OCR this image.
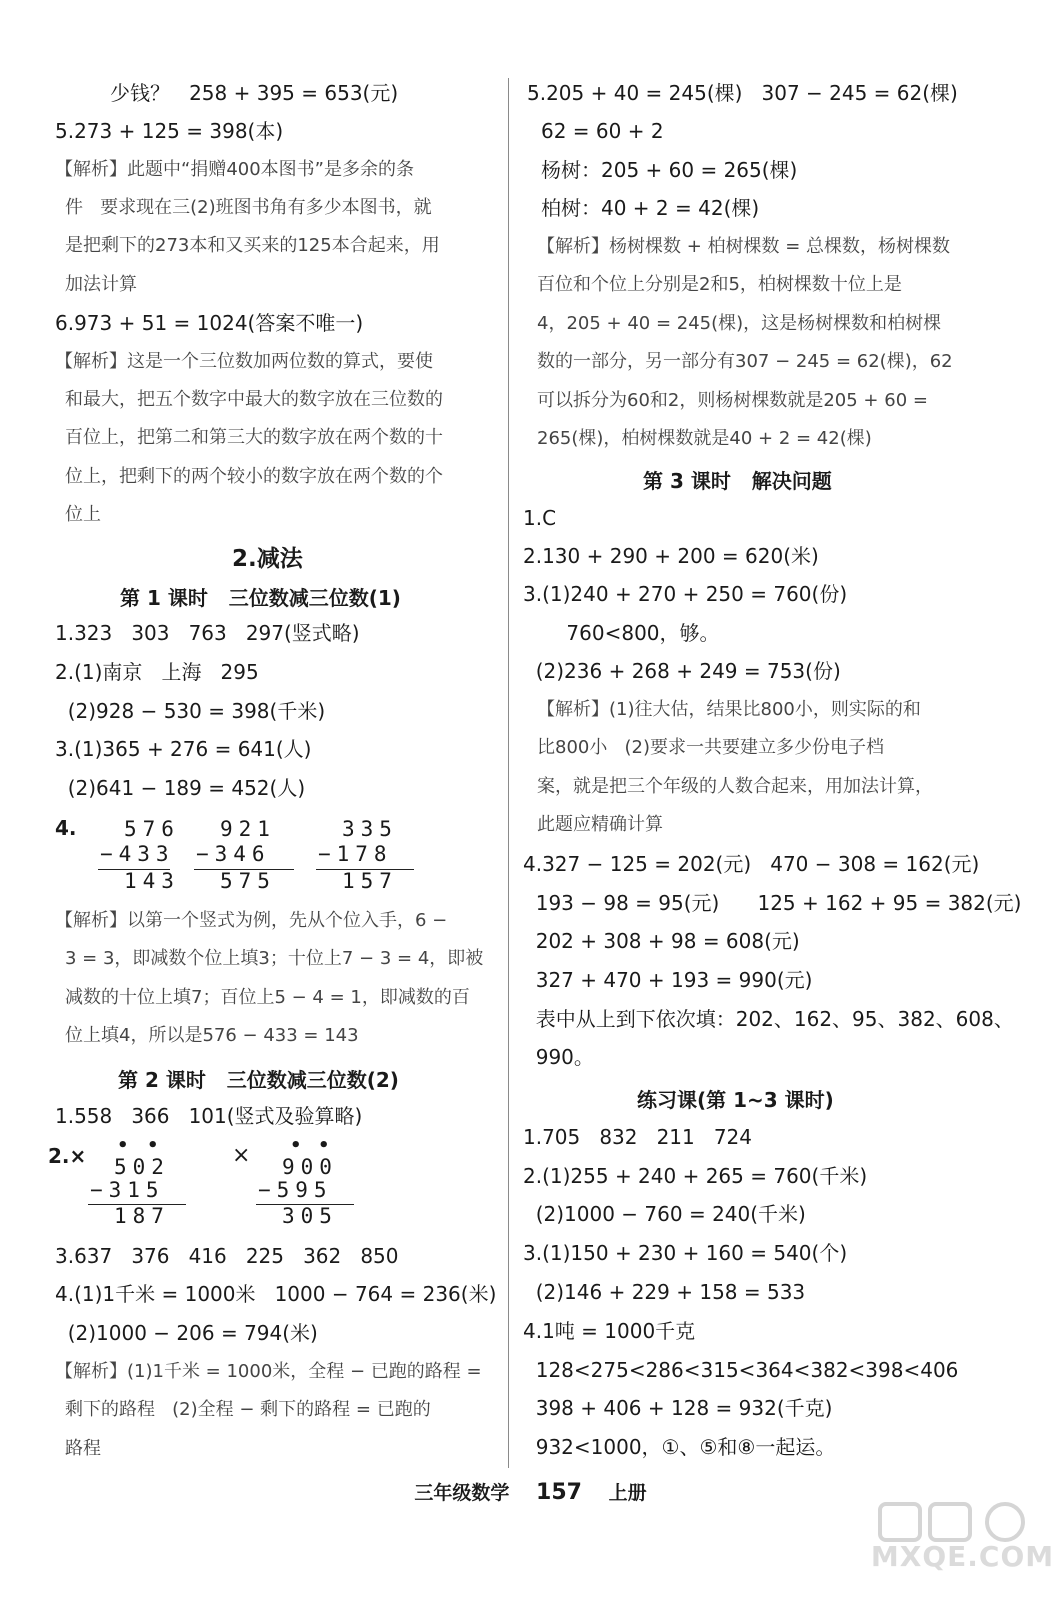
少钱？   258 + 395 = 653(元)
5.273 + 125 = 398(本)
【解析】此题中“捐赠400本图书”是多余的条
件   要求现在三(2)班图书角有多少本图书，就
是把剩下的273本和又买来的125本合起来，用
加法计算
6.973 + 51 = 1024(答案不唯一)
【解析】这是一个三位数加两位数的算式，要使
和最大，把五个数字中最大的数字放在三位数的
百位上，把第二和第三大的数字放在两个数的十
位上，把剩下的两个较小的数字放在两个数的个
位上
2.减法
第 1 课时   三位数减三位数(1)
1.323   303   763   297(竖式略)
2.(1)南京   上海   295
(2)928 − 530 = 398(千米)
3.(1)365 + 276 = 641(人)
(2)641 − 189 = 452(人)
4. 576
−433
143
921
−346
575
335
−178
157
【解析】以第一个竖式为例，先从个位入手，6 −
3 = 3，即减数个位上填3；十位上7 − 3 = 4，即被
减数的十位上填7；百位上5 − 4 = 1，即减数的百
位上填4，所以是576 − 433 = 143
第 2 课时   三位数减三位数(2)
1.558   366   101(竖式及验算略)
2.× • •
502
−315
187
× • •
900
−595
305
3.637   376   416   225   362   850
4.(1)1千米 = 1000米   1000 − 764 = 236(米)
(2)1000 − 206 = 794(米)
【解析】(1)1千米 = 1000米，全程 − 已跑的路程 =
剩下的路程   (2)全程 − 剩下的路程 = 已跑的
路程
5.205 + 40 = 245(棵)   307 − 245 = 62(棵)
62 = 60 + 2
杨树：205 + 60 = 265(棵)
柏树：40 + 2 = 42(棵)
【解析】杨树棵数 + 柏树棵数 = 总棵数，杨树棵数
百位和个位上分别是2和5，柏树棵数十位上是
4，205 + 40 = 245(棵)，这是杨树棵数和柏树棵
数的一部分，另一部分有307 − 245 = 62(棵)，62
可以拆分为60和2，则杨树棵数就是205 + 60 =
265(棵)，柏树棵数就是40 + 2 = 42(棵)
第 3 课时   解决问题
1.C
2.130 + 290 + 200 = 620(米)
3.(1)240 + 270 + 250 = 760(份)
760<800，够。
(2)236 + 268 + 249 = 753(份)
【解析】(1)往大估，结果比800小，则实际的和
比800小   (2)要求一共要建立多少份电子档
案，就是把三个年级的人数合起来，用加法计算，
此题应精确计算
4.327 − 125 = 202(元)   470 − 308 = 162(元)
193 − 98 = 95(元)      125 + 162 + 95 = 382(元)
202 + 308 + 98 = 608(元)
327 + 470 + 193 = 990(元)
表中从上到下依次填：202、162、95、382、608、
990。
练习课(第 1~3 课时)
1.705   832   211   724
2.(1)255 + 240 + 265 = 760(千米)
(2)1000 − 760 = 240(千米)
3.(1)150 + 230 + 160 = 540(个)
(2)146 + 229 + 158 = 533
4.1吨 = 1000千克
128<275<286<315<364<382<398<406
398 + 406 + 128 = 932(千克)
932<1000，①、⑤和⑧一起运。
三年级数学 157 上册
MXQE.COM
